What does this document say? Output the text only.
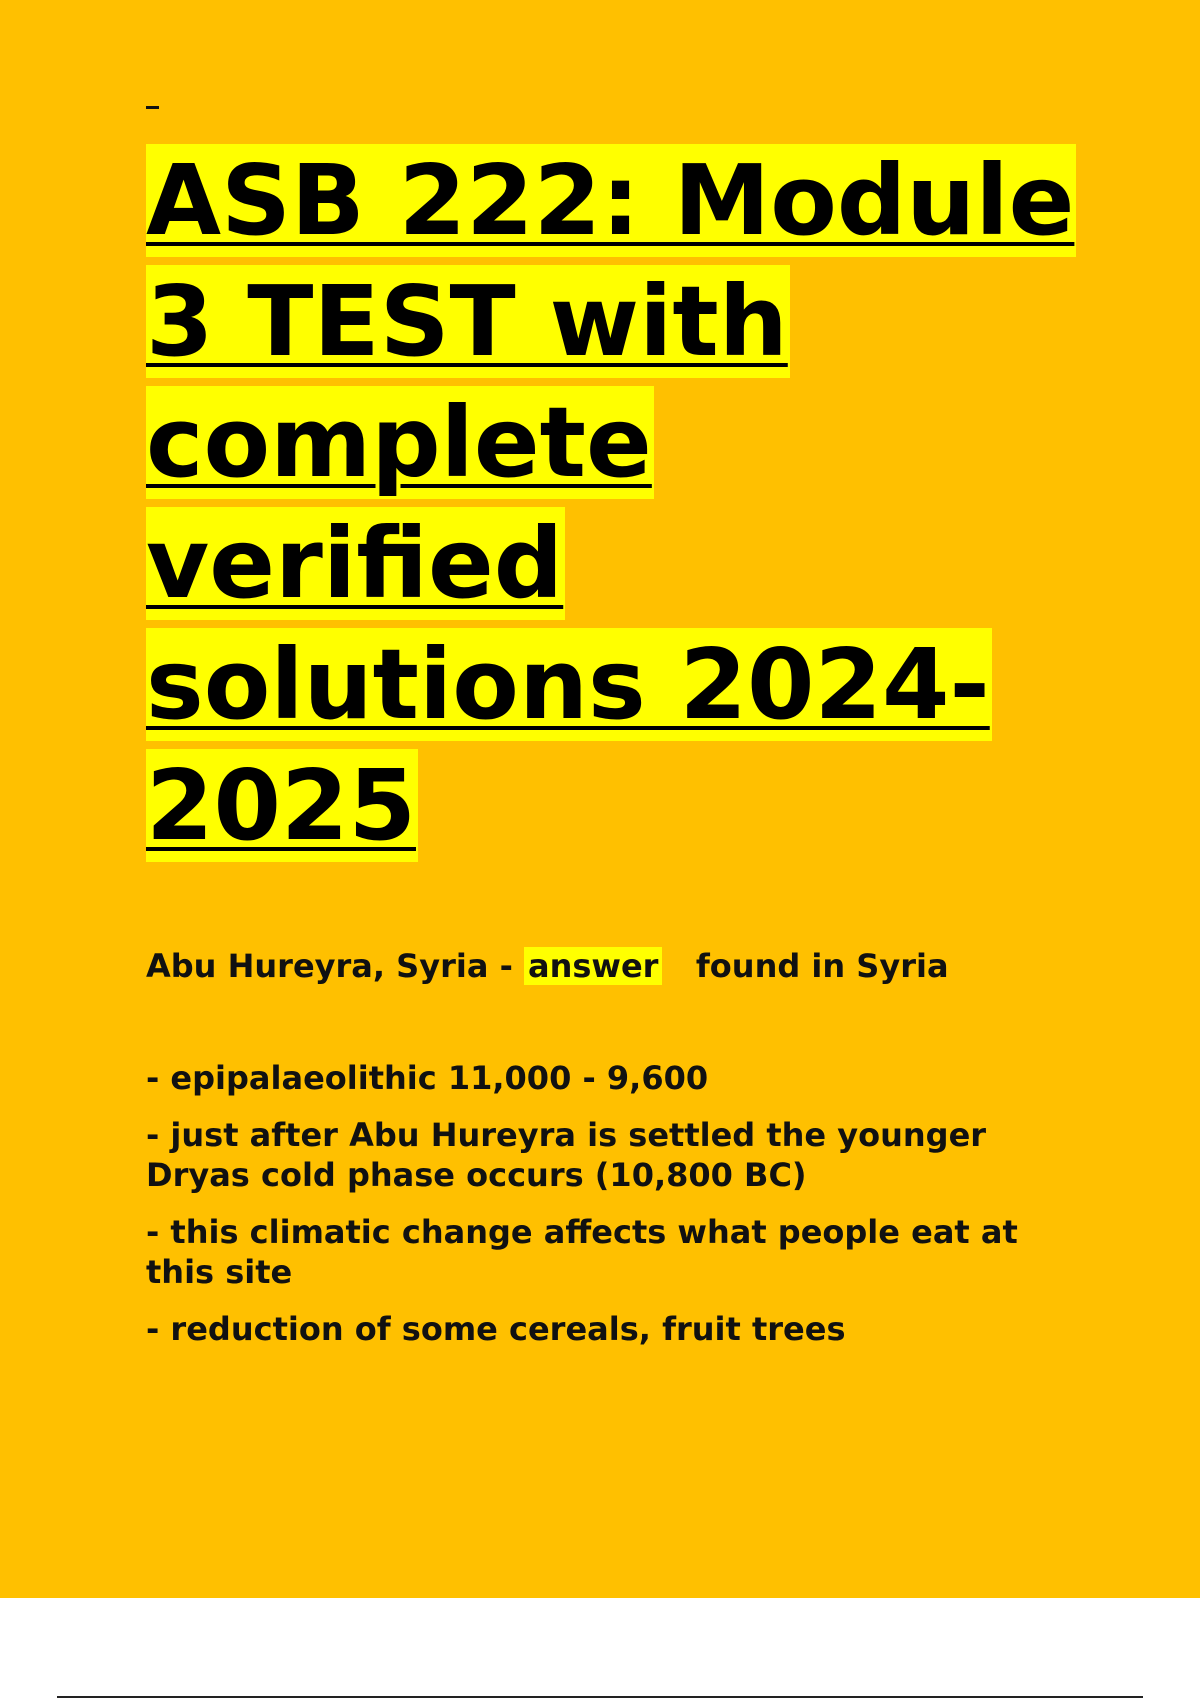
ASB 222: Module
3 TEST with
complete
verified
solutions 2024-
2025

Abu Hureyra, Syria - answer found in Syria

- epipalaeolithic 11,000 - 9,600
- just after Abu Hureyra is settled the younger Dryas cold phase occurs (10,800 BC)
- this climatic change affects what people eat at this site
- reduction of some cereals, fruit trees
